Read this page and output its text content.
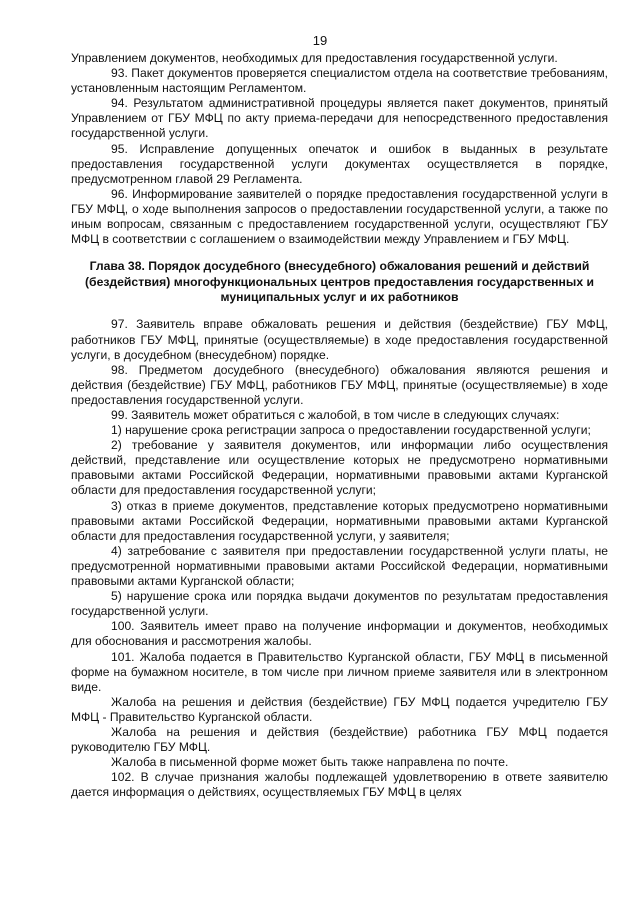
19

Управлением документов, необходимых для предоставления государственной услуги.

93. Пакет документов проверяется специалистом отдела на соответствие требованиям, установленным настоящим Регламентом.

94. Результатом административной процедуры является пакет документов, принятый Управлением от ГБУ МФЦ по акту приема-передачи для непосредственного предоставления государственной услуги.

95. Исправление допущенных опечаток и ошибок в выданных в результате предоставления государственной услуги документах осуществляется в порядке, предусмотренном главой 29 Регламента.

96. Информирование заявителей о порядке предоставления государственной услуги в ГБУ МФЦ, о ходе выполнения запросов о предоставлении государственной услуги, а также по иным вопросам, связанным с предоставлением государственной услуги, осуществляют ГБУ МФЦ в соответствии с соглашением о взаимодействии между Управлением и ГБУ МФЦ.

Глава 38. Порядок досудебного (внесудебного) обжалования решений и действий (бездействия) многофункциональных центров предоставления государственных и муниципальных услуг и их работников

97. Заявитель вправе обжаловать решения и действия (бездействие) ГБУ МФЦ, работников ГБУ МФЦ, принятые (осуществляемые) в ходе предоставления государственной услуги, в досудебном (внесудебном) порядке.

98. Предметом досудебного (внесудебного) обжалования являются решения и действия (бездействие) ГБУ МФЦ, работников ГБУ МФЦ, принятые (осуществляемые) в ходе предоставления государственной услуги.

99. Заявитель может обратиться с жалобой, в том числе в следующих случаях:

1) нарушение срока регистрации запроса о предоставлении государственной услуги;

2) требование у заявителя документов, или информации либо осуществления действий, представление или осуществление которых не предусмотрено нормативными правовыми актами Российской Федерации, нормативными правовыми актами Курганской области для предоставления государственной услуги;

3) отказ в приеме документов, представление которых предусмотрено нормативными правовыми актами Российской Федерации, нормативными правовыми актами Курганской области для предоставления государственной услуги, у заявителя;

4) затребование с заявителя при предоставлении государственной услуги платы, не предусмотренной нормативными правовыми актами Российской Федерации, нормативными правовыми актами Курганской области;

5) нарушение срока или порядка выдачи документов по результатам предоставления государственной услуги.

100. Заявитель имеет право на получение информации и документов, необходимых для обоснования и рассмотрения жалобы.

101. Жалоба подается в Правительство Курганской области, ГБУ МФЦ в письменной форме на бумажном носителе, в том числе при личном приеме заявителя или в электронном виде.

Жалоба на решения и действия (бездействие) ГБУ МФЦ подается учредителю ГБУ МФЦ - Правительство Курганской области.

Жалоба на решения и действия (бездействие) работника ГБУ МФЦ подается руководителю ГБУ МФЦ.

Жалоба в письменной форме может быть также направлена по почте.

102. В случае признания жалобы подлежащей удовлетворению в ответе заявителю дается информация о действиях, осуществляемых ГБУ МФЦ в целях
